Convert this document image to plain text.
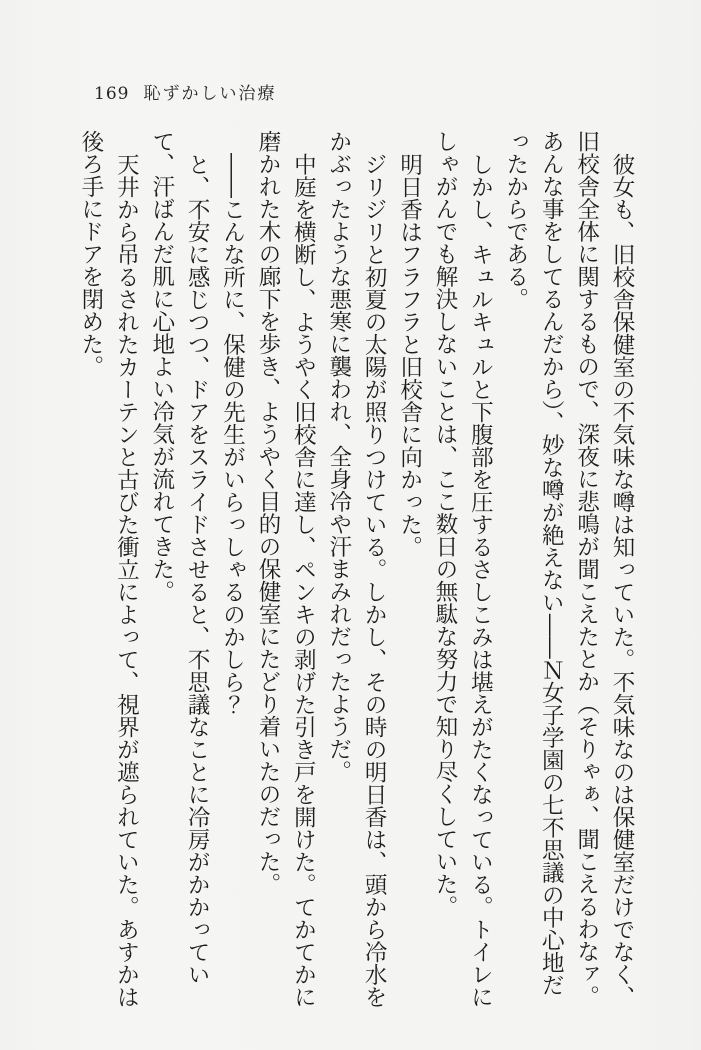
169 恥ずかしい治療

彼女も、旧校舎保健室の不気味な噂は知っていた。不気味なのは保健室だけでなく、旧校舎全体に関するもので、深夜に悲鳴が聞こえたとか（そりゃぁ、聞こえるわなァ。あんな事をしてるんだから）、妙な噂が絶えない――Ｎ女子学園の七不思議の中心地だったからである。

しかし、キュルキュルと下腹部を圧するさしこみは堪えがたくなっている。トイレにしゃがんでも解決しないことは、ここ数日の無駄な努力で知り尽くしていた。

明日香はフラフラと旧校舎に向かった。

ジリジリと初夏の太陽が照りつけている。しかし、その時の明日香は、頭から冷水をかぶったような悪寒に襲われ、全身冷や汗まみれだったようだ。

中庭を横断し、ようやく旧校舎に達し、ペンキの剥げた引き戸を開けた。てかてかに磨かれた木の廊下を歩き、ようやく目的の保健室にたどり着いたのだった。

――こんな所に、保健の先生がいらっしゃるのかしら？

と、不安に感じつつ、ドアをスライドさせると、不思議なことに冷房がかかっていて、汗ばんだ肌に心地よい冷気が流れてきた。

天井から吊るされたカーテンと古びた衝立によって、視界が遮られていた。あすかは後ろ手にドアを閉めた。
